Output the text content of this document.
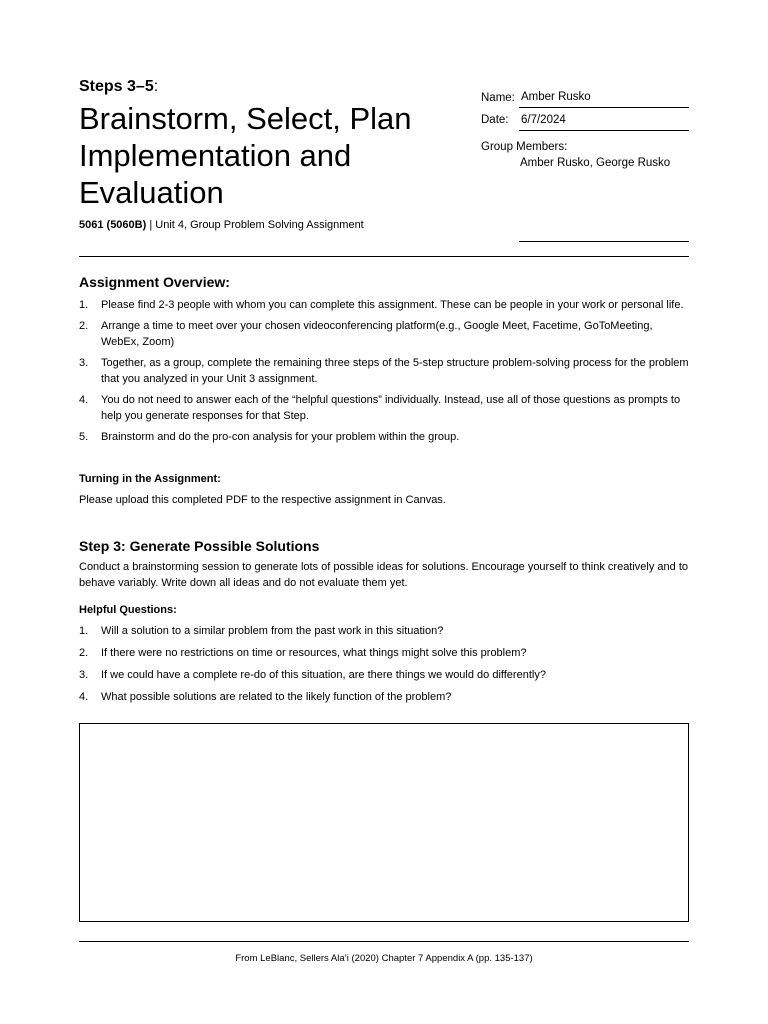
Steps 3–5:
Brainstorm, Select, Plan
Implementation and
Evaluation
5061 (5060B) | Unit 4, Group Problem Solving Assignment
Name: Amber Rusko
Date: 6/7/2024
Group Members:
Amber Rusko, George Rusko
Assignment Overview:
1. Please find 2-3 people with whom you can complete this assignment. These can be people in your work or personal life.
2. Arrange a time to meet over your chosen videoconferencing platform(e.g., Google Meet, Facetime, GoToMeeting, WebEx, Zoom)
3. Together, as a group, complete the remaining three steps of the 5-step structure problem-solving process for the problem that you analyzed in your Unit 3 assignment.
4. You do not need to answer each of the “helpful questions” individually. Instead, use all of those questions as prompts to help you generate responses for that Step.
5. Brainstorm and do the pro-con analysis for your problem within the group.
Turning in the Assignment:
Please upload this completed PDF to the respective assignment in Canvas.
Step 3: Generate Possible Solutions
Conduct a brainstorming session to generate lots of possible ideas for solutions. Encourage yourself to think creatively and to behave variably. Write down all ideas and do not evaluate them yet.
Helpful Questions:
1. Will a solution to a similar problem from the past work in this situation?
2. If there were no restrictions on time or resources, what things might solve this problem?
3. If we could have a complete re-do of this situation, are there things we would do differently?
4. What possible solutions are related to the likely function of the problem?
From LeBlanc, Sellers Ala’i (2020) Chapter 7 Appendix A (pp. 135-137)
